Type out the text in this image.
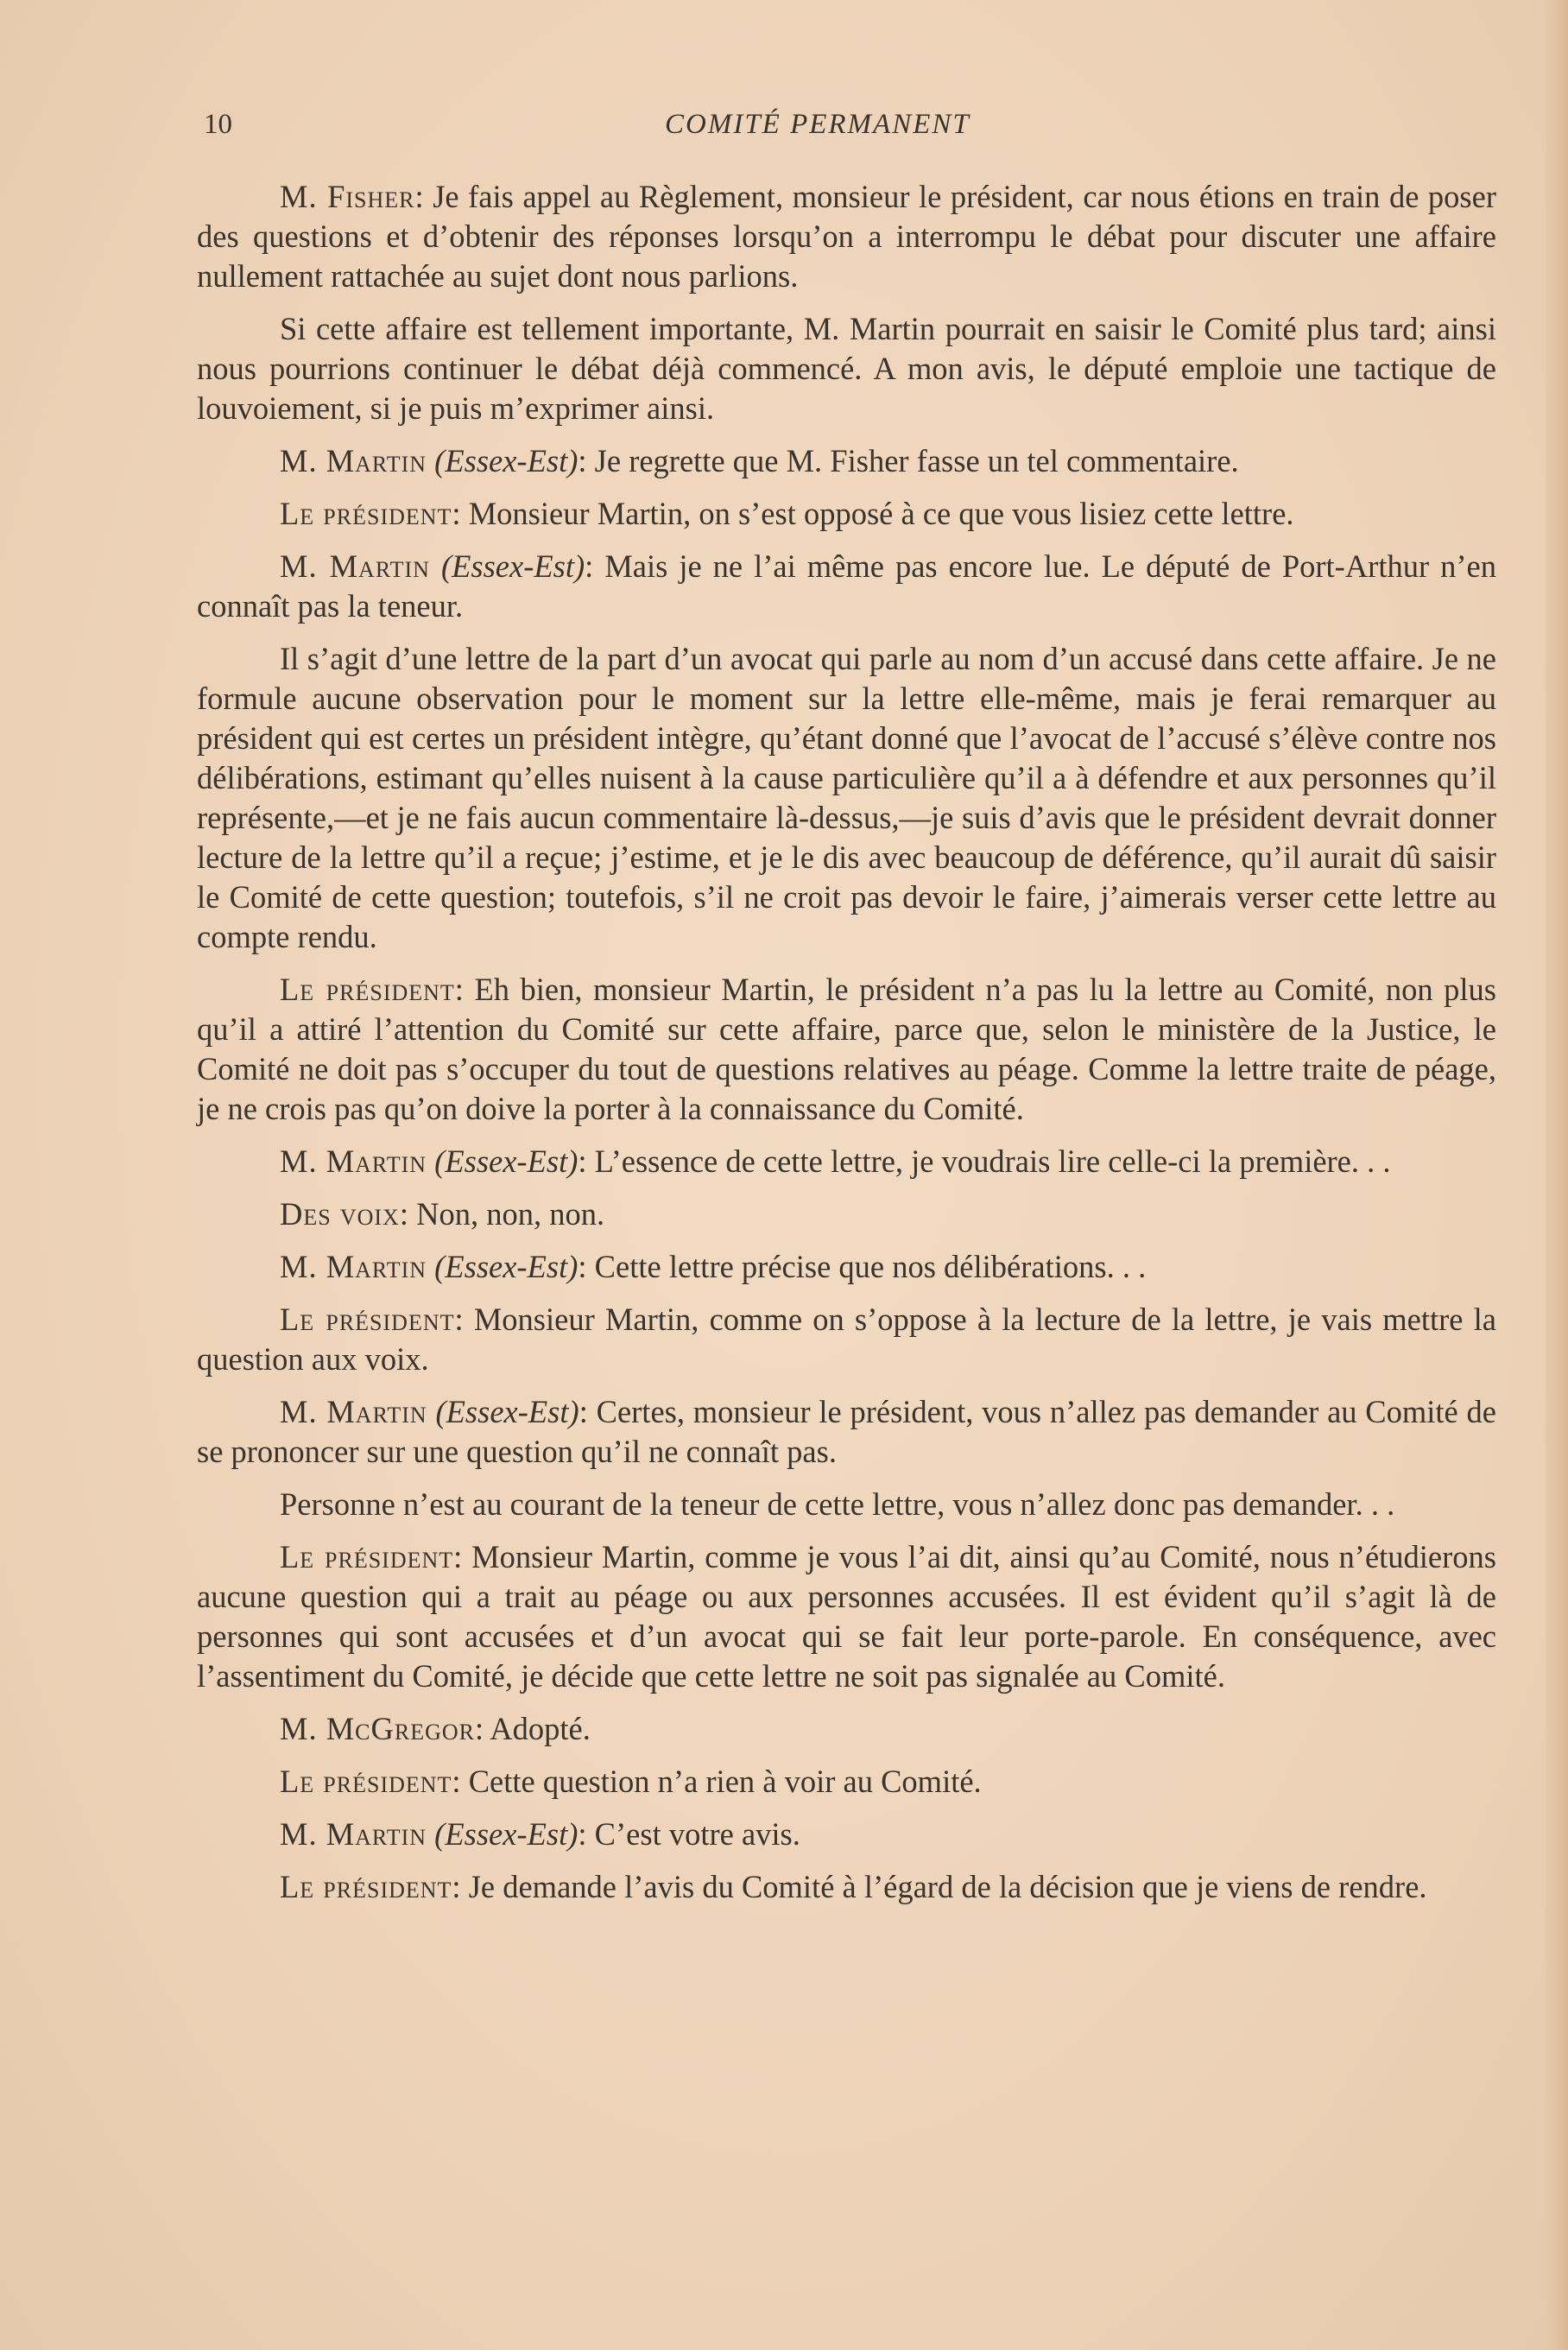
10	COMITÉ PERMANENT

M. Fisher: Je fais appel au Règlement, monsieur le président, car nous étions en train de poser des questions et d’obtenir des réponses lorsqu’on a interrompu le débat pour discuter une affaire nullement rattachée au sujet dont nous parlions.

Si cette affaire est tellement importante, M. Martin pourrait en saisir le Comité plus tard; ainsi nous pourrions continuer le débat déjà commencé. A mon avis, le député emploie une tactique de louvoiement, si je puis m’exprimer ainsi.

M. Martin (Essex-Est): Je regrette que M. Fisher fasse un tel commentaire.

Le président: Monsieur Martin, on s’est opposé à ce que vous lisiez cette lettre.

M. Martin (Essex-Est): Mais je ne l’ai même pas encore lue. Le député de Port-Arthur n’en connaît pas la teneur.

Il s’agit d’une lettre de la part d’un avocat qui parle au nom d’un accusé dans cette affaire. Je ne formule aucune observation pour le moment sur la lettre elle-même, mais je ferai remarquer au président qui est certes un président intègre, qu’étant donné que l’avocat de l’accusé s’élève contre nos délibérations, estimant qu’elles nuisent à la cause particulière qu’il a à défendre et aux personnes qu’il représente,—et je ne fais aucun commentaire là-dessus,—je suis d’avis que le président devrait donner lecture de la lettre qu’il a reçue; j’estime, et je le dis avec beaucoup de déférence, qu’il aurait dû saisir le Comité de cette question; toutefois, s’il ne croit pas devoir le faire, j’aimerais verser cette lettre au compte rendu.

Le président: Eh bien, monsieur Martin, le président n’a pas lu la lettre au Comité, non plus qu’il a attiré l’attention du Comité sur cette affaire, parce que, selon le ministère de la Justice, le Comité ne doit pas s’occuper du tout de questions relatives au péage. Comme la lettre traite de péage, je ne crois pas qu’on doive la porter à la connaissance du Comité.

M. Martin (Essex-Est): L’essence de cette lettre, je voudrais lire celle-ci la première. . .

Des voix: Non, non, non.

M. Martin (Essex-Est): Cette lettre précise que nos délibérations. . .

Le président: Monsieur Martin, comme on s’oppose à la lecture de la lettre, je vais mettre la question aux voix.

M. Martin (Essex-Est): Certes, monsieur le président, vous n’allez pas demander au Comité de se prononcer sur une question qu’il ne connaît pas.

Personne n’est au courant de la teneur de cette lettre, vous n’allez donc pas demander. . .

Le président: Monsieur Martin, comme je vous l’ai dit, ainsi qu’au Comité, nous n’étudierons aucune question qui a trait au péage ou aux personnes accusées. Il est évident qu’il s’agit là de personnes qui sont accusées et d’un avocat qui se fait leur porte-parole. En conséquence, avec l’assentiment du Comité, je décide que cette lettre ne soit pas signalée au Comité.

M. McGregor: Adopté.

Le président: Cette question n’a rien à voir au Comité.

M. Martin (Essex-Est): C’est votre avis.

Le président: Je demande l’avis du Comité à l’égard de la décision que je viens de rendre.
